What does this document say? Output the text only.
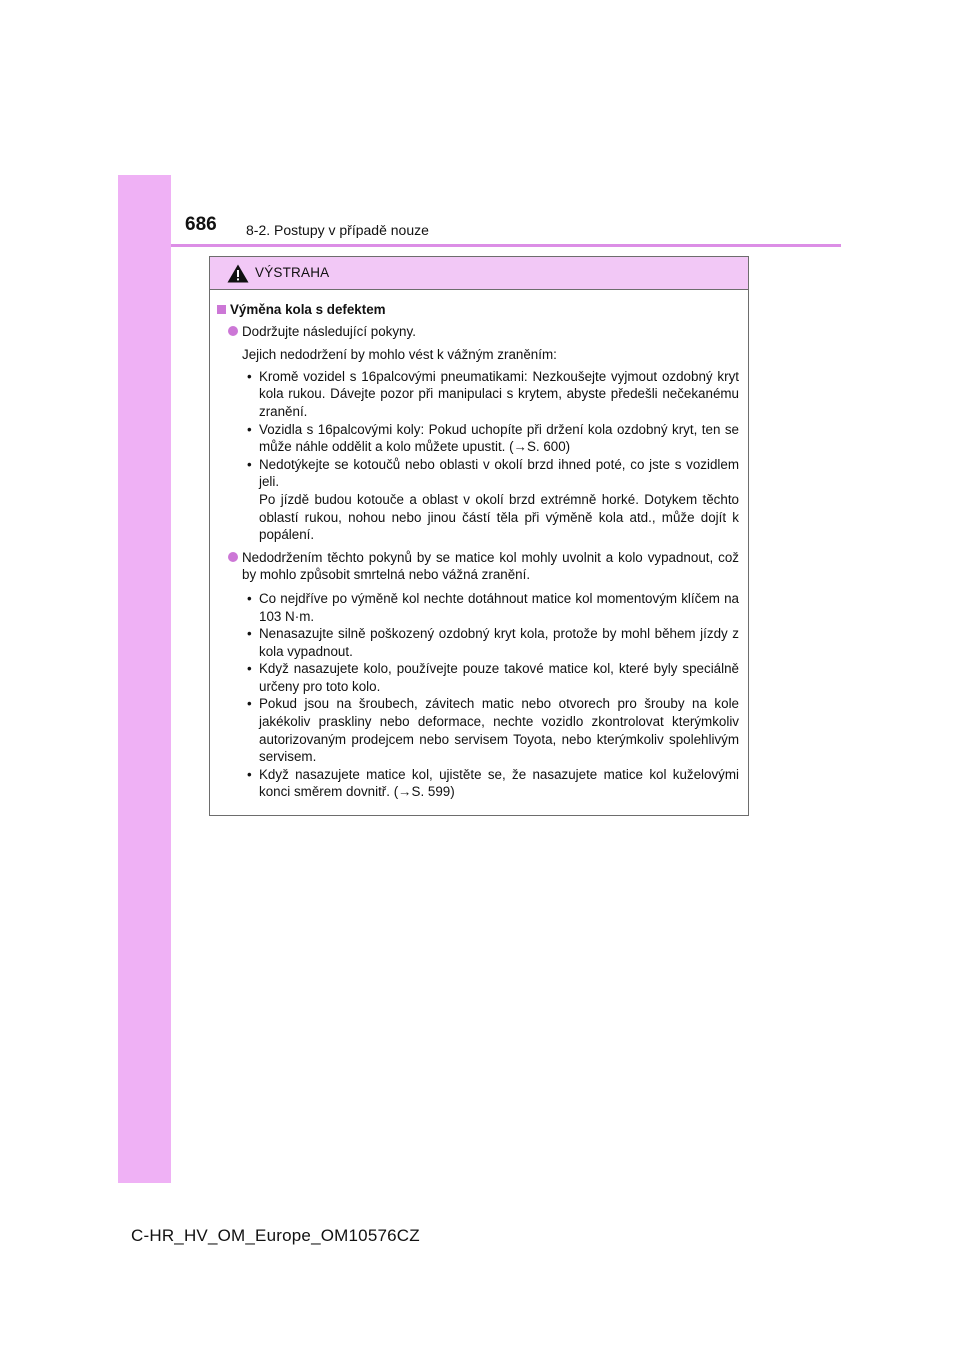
686 8-2. Postupy v případě nouze
VÝSTRAHA
Výměna kola s defektem
Dodržujte následující pokyny.
Jejich nedodržení by mohlo vést k vážným zraněním:
• Kromě vozidel s 16palcovými pneumatikami: Nezkoušejte vyjmout ozdobný kryt kola rukou. Dávejte pozor při manipulaci s krytem, abyste předešli nečekanému zranění.
• Vozidla s 16palcovými koly: Pokud uchopíte při držení kola ozdobný kryt, ten se může náhle oddělit a kolo můžete upustit. (→S. 600)
• Nedotýkejte se kotoučů nebo oblasti v okolí brzd ihned poté, co jste s vozidlem jeli.
Po jízdě budou kotouče a oblast v okolí brzd extrémně horké. Dotykem těchto oblastí rukou, nohou nebo jinou částí těla při výměně kola atd., může dojít k popálení.
Nedodržením těchto pokynů by se matice kol mohly uvolnit a kolo vypadnout, což by mohlo způsobit smrtelná nebo vážná zranění.
• Co nejdříve po výměně kol nechte dotáhnout matice kol momentovým klíčem na 103 N·m.
• Nenasazujte silně poškozený ozdobný kryt kola, protože by mohl během jízdy z kola vypadnout.
• Když nasazujete kolo, používejte pouze takové matice kol, které byly speciálně určeny pro toto kolo.
• Pokud jsou na šroubech, závitech matic nebo otvorech pro šrouby na kole jakékoliv praskliny nebo deformace, nechte vozidlo zkontrolovat kterýmkoliv autorizovaným prodejcem nebo servisem Toyota, nebo kterýmkoliv spolehlivým servisem.
• Když nasazujete matice kol, ujistěte se, že nasazujete matice kol kuželovými konci směrem dovnitř. (→S. 599)
C-HR_HV_OM_Europe_OM10576CZ
